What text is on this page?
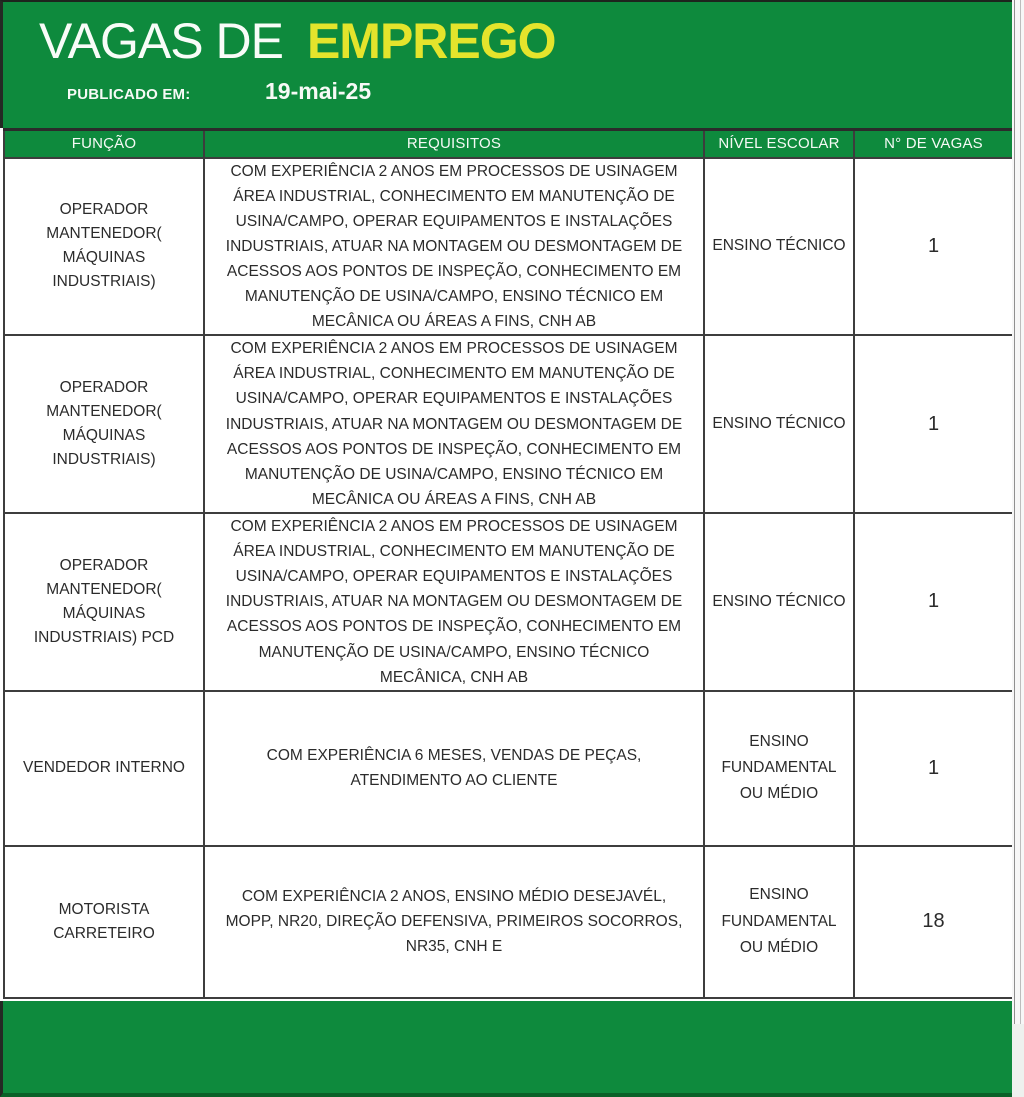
VAGAS DE EMPREGO
PUBLICADO EM:	19-mai-25
FUNÇÃO	REQUISITOS	NÍVEL ESCOLAR	N° DE VAGAS
OPERADOR MANTENEDOR( MÁQUINAS INDUSTRIAIS)	COM EXPERIÊNCIA 2 ANOS EM PROCESSOS DE USINAGEM ÁREA INDUSTRIAL, CONHECIMENTO EM MANUTENÇÃO DE USINA/CAMPO, OPERAR EQUIPAMENTOS E INSTALAÇÕES INDUSTRIAIS, ATUAR NA MONTAGEM OU DESMONTAGEM DE ACESSOS AOS PONTOS DE INSPEÇÃO, CONHECIMENTO EM MANUTENÇÃO DE USINA/CAMPO, ENSINO TÉCNICO EM MECÂNICA OU ÁREAS A FINS, CNH AB	ENSINO TÉCNICO	1
OPERADOR MANTENEDOR( MÁQUINAS INDUSTRIAIS)	COM EXPERIÊNCIA 2 ANOS EM PROCESSOS DE USINAGEM ÁREA INDUSTRIAL, CONHECIMENTO EM MANUTENÇÃO DE USINA/CAMPO, OPERAR EQUIPAMENTOS E INSTALAÇÕES INDUSTRIAIS, ATUAR NA MONTAGEM OU DESMONTAGEM DE ACESSOS AOS PONTOS DE INSPEÇÃO, CONHECIMENTO EM MANUTENÇÃO DE USINA/CAMPO, ENSINO TÉCNICO EM MECÂNICA OU ÁREAS A FINS, CNH AB	ENSINO TÉCNICO	1
OPERADOR MANTENEDOR( MÁQUINAS INDUSTRIAIS) PCD	COM EXPERIÊNCIA 2 ANOS EM PROCESSOS DE USINAGEM ÁREA INDUSTRIAL, CONHECIMENTO EM MANUTENÇÃO DE USINA/CAMPO, OPERAR EQUIPAMENTOS E INSTALAÇÕES INDUSTRIAIS, ATUAR NA MONTAGEM OU DESMONTAGEM DE ACESSOS AOS PONTOS DE INSPEÇÃO, CONHECIMENTO EM MANUTENÇÃO DE USINA/CAMPO, ENSINO TÉCNICO MECÂNICA, CNH AB	ENSINO TÉCNICO	1
VENDEDOR INTERNO	COM EXPERIÊNCIA 6 MESES, VENDAS DE PEÇAS, ATENDIMENTO AO CLIENTE	ENSINO FUNDAMENTAL OU MÉDIO	1
MOTORISTA CARRETEIRO	COM EXPERIÊNCIA 2 ANOS, ENSINO MÉDIO DESEJAVÉL, MOPP, NR20, DIREÇÃO DEFENSIVA, PRIMEIROS SOCORROS, NR35, CNH E	ENSINO FUNDAMENTAL OU MÉDIO	18
